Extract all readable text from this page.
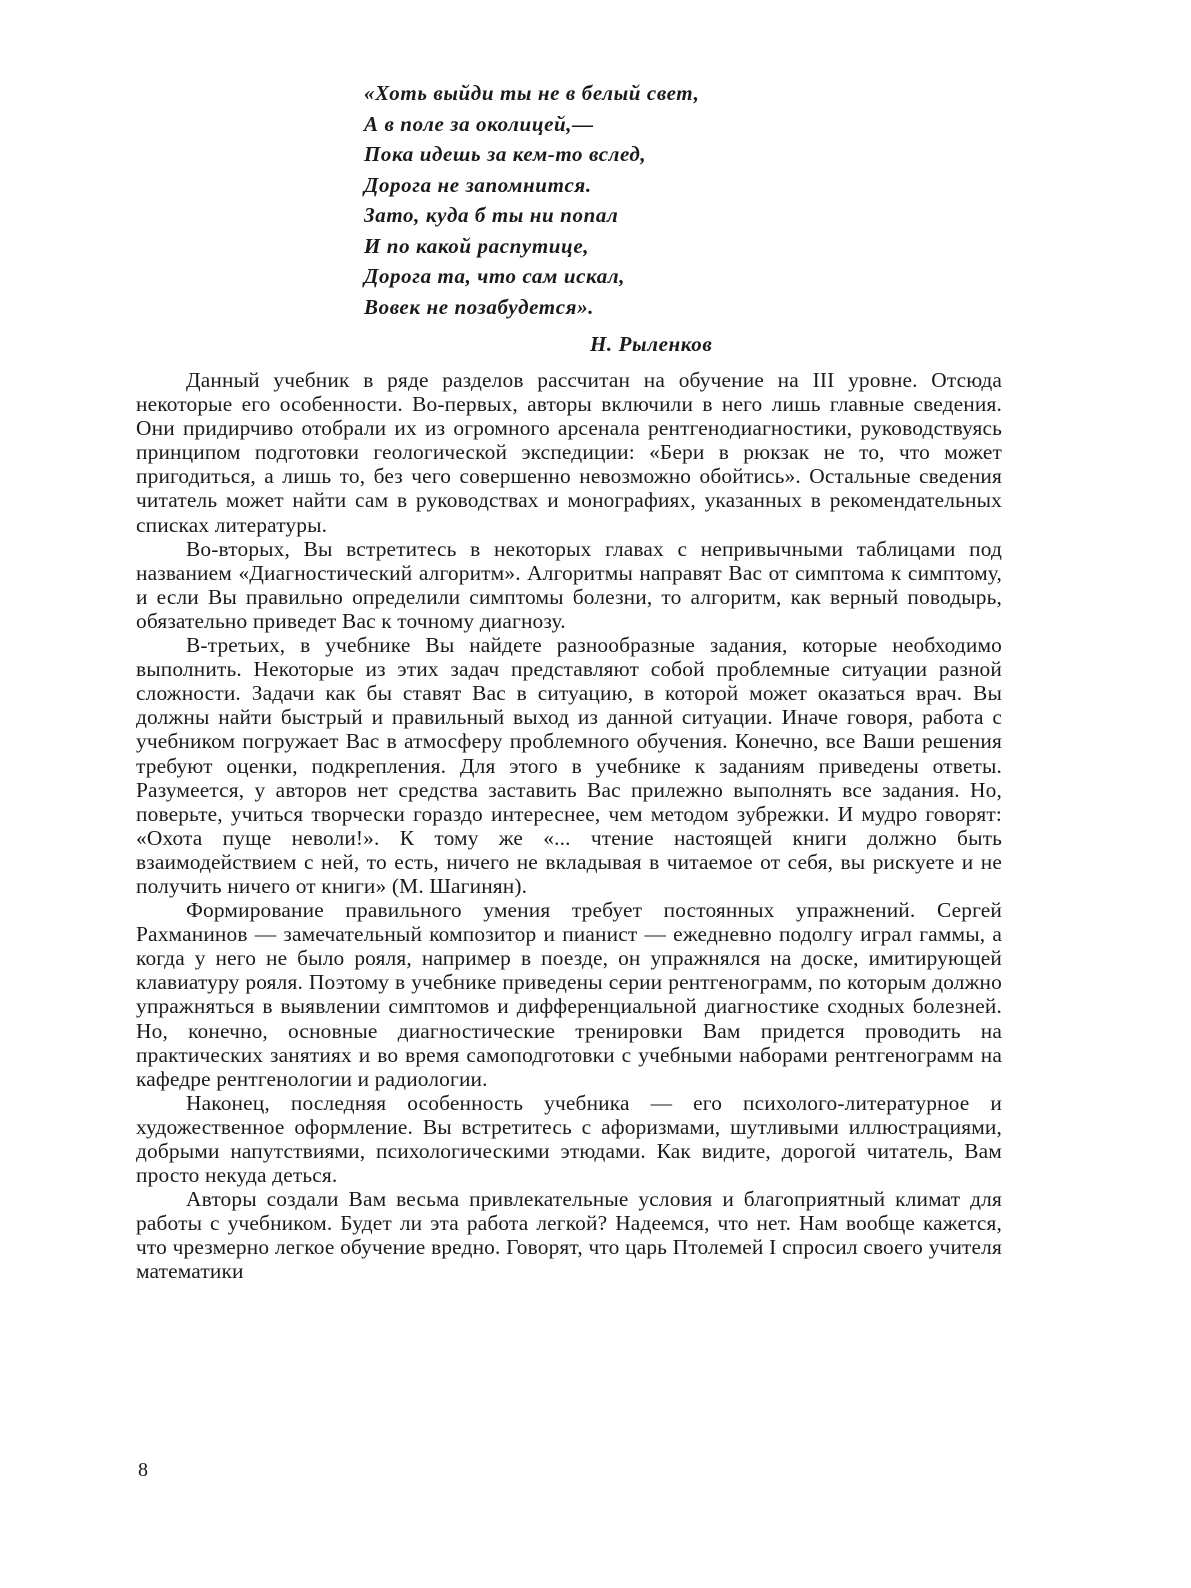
«Хоть выйди ты не в белый свет,
А в поле за околицей,—
Пока идешь за кем-то вслед,
Дорога не запомнится.
Зато, куда б ты ни попал
И по какой распутице,
Дорога та, что сам искал,
Вовек не позабудется».
Н. Рыленков

Данный учебник в ряде разделов рассчитан на обучение на III уровне. Отсюда некоторые его особенности. Во-первых, авторы включили в него лишь главные сведения. Они придирчиво отобрали их из огромного арсенала рентгенодиагностики, руководствуясь принципом подготовки геологической экспедиции: «Бери в рюкзак не то, что может пригодиться, а лишь то, без чего совершенно невозможно обойтись». Остальные сведения читатель может найти сам в руководствах и монографиях, указанных в рекомендательных списках литературы.

Во-вторых, Вы встретитесь в некоторых главах с непривычными таблицами под названием «Диагностический алгоритм». Алгоритмы направят Вас от симптома к симптому, и если Вы правильно определили симптомы болезни, то алгоритм, как верный поводырь, обязательно приведет Вас к точному диагнозу.

В-третьих, в учебнике Вы найдете разнообразные задания, которые необходимо выполнить. Некоторые из этих задач представляют собой проблемные ситуации разной сложности. Задачи как бы ставят Вас в ситуацию, в которой может оказаться врач. Вы должны найти быстрый и правильный выход из данной ситуации. Иначе говоря, работа с учебником погружает Вас в атмосферу проблемного обучения. Конечно, все Ваши решения требуют оценки, подкрепления. Для этого в учебнике к заданиям приведены ответы. Разумеется, у авторов нет средства заставить Вас прилежно выполнять все задания. Но, поверьте, учиться творчески гораздо интереснее, чем методом зубрежки. И мудро говорят: «Охота пуще неволи!». К тому же «... чтение настоящей книги должно быть взаимодействием с ней, то есть, ничего не вкладывая в читаемое от себя, вы рискуете и не получить ничего от книги» (М. Шагинян).

Формирование правильного умения требует постоянных упражнений. Сергей Рахманинов — замечательный композитор и пианист — ежедневно подолгу играл гаммы, а когда у него не было рояля, например в поезде, он упражнялся на доске, имитирующей клавиатуру рояля. Поэтому в учебнике приведены серии рентгенограмм, по которым должно упражняться в выявлении симптомов и дифференциальной диагностике сходных болезней. Но, конечно, основные диагностические тренировки Вам придется проводить на практических занятиях и во время самоподготовки с учебными наборами рентгенограмм на кафедре рентгенологии и радиологии.

Наконец, последняя особенность учебника — его психолого-литературное и художественное оформление. Вы встретитесь с афоризмами, шутливыми иллюстрациями, добрыми напутствиями, психологическими этюдами. Как видите, дорогой читатель, Вам просто некуда деться.

Авторы создали Вам весьма привлекательные условия и благоприятный климат для работы с учебником. Будет ли эта работа легкой? Надеемся, что нет. Нам вообще кажется, что чрезмерно легкое обучение вредно. Говорят, что царь Птолемей I спросил своего учителя математики

8
